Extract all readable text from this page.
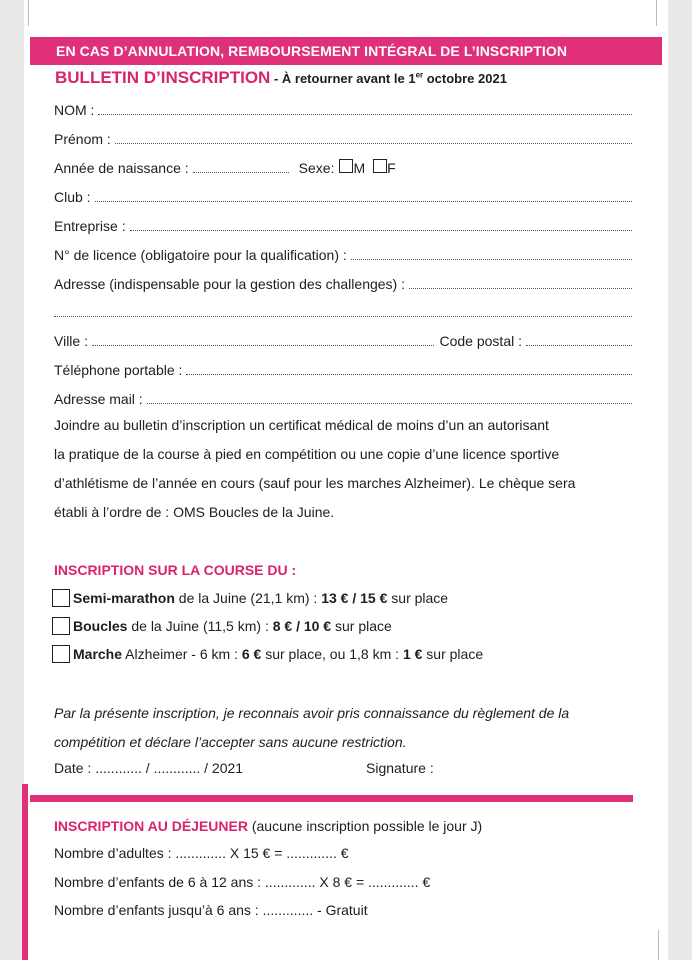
EN CAS D’ANNULATION, REMBOURSEMENT INTÉGRAL DE L’INSCRIPTION
BULLETIN D’INSCRIPTION - À retourner avant le 1er octobre 2021
NOM :
Prénom :
Année de naissance :	Sexe: M F
Club :
Entreprise :
N° de licence (obligatoire pour la qualification) :
Adresse (indispensable pour la gestion des challenges) :
Ville :	Code postal :
Téléphone portable :
Adresse mail :
Joindre au bulletin d’inscription un certificat médical de moins d’un an autorisant
la pratique de la course à pied en compétition ou une copie d’une licence sportive
d’athlétisme de l’année en cours (sauf pour les marches Alzheimer). Le chèque sera
établi à l’ordre de : OMS Boucles de la Juine.
INSCRIPTION SUR LA COURSE DU :
Semi-marathon de la Juine (21,1 km) : 13 € / 15 € sur place
Boucles de la Juine (11,5 km) : 8 € / 10 € sur place
Marche Alzheimer - 6 km : 6 € sur place, ou 1,8 km : 1 € sur place
Par la présente inscription, je reconnais avoir pris connaissance du règlement de la
compétition et déclare l’accepter sans aucune restriction.
Date : ............ / ............ / 2021	Signature :
INSCRIPTION AU DÉJEUNER (aucune inscription possible le jour J)
Nombre d’adultes : ............. X 15 € = ............. €
Nombre d’enfants de 6 à 12 ans : ............. X 8 € = ............. €
Nombre d’enfants jusqu’à 6 ans : ............. - Gratuit
